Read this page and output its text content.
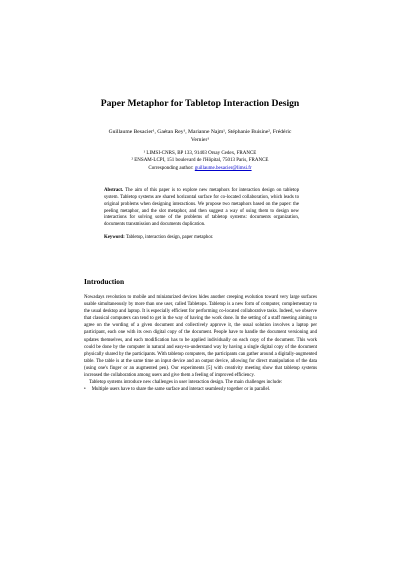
Paper Metaphor for Tabletop Interaction Design
Guillaume Besacier¹, Gaétan Rey¹, Marianne Najm¹, Stéphanie Buisine², Frédéric
Vernier¹
¹ LIMSI-CNRS, BP 133, 91403 Orsay Cedex, FRANCE
² ENSAM-LCPI, 151 boulevard de l'Hôpital, 75013 Paris, FRANCE
Corresponding author: guillaume.besacier@limsi.fr

Abstract. The aim of this paper is to explore new metaphors for interaction design on tabletop system. Tabletop systems are shared horizontal surface for co-located collaboration, which leads to original problems when designing interactions. We propose two metaphors based on the paper: the peeling metaphor, and the slot metaphor, and then suggest a way of using them to design new interactions for solving some of the problems of tabletop systems: documents organization, documents transmission and documents duplication.

Keyword: Tabletop, interaction design, paper metaphor.

Introduction

Nowadays revolution to mobile and miniaturized devices hides another creeping evolution toward very large surfaces usable simultaneously by more than one user, called Tabletops. Tabletop is a new form of computer, complementary to the usual desktop and laptop. It is especially efficient for performing co-located collaborative tasks. Indeed, we observe that classical computers can tend to get in the way of having the work done. In the setting of a staff meeting aiming to agree on the wording of a given document and collectively approve it, the usual solution involves a laptop per participant, each one with its own digital copy of the document. People have to handle the document versioning and updates themselves, and each modification has to be applied individually on each copy of the document. This work could be done by the computer in natural and easy-to-understand way by having a single digital copy of the document physically shared by the participants. With tabletop computers, the participants can gather around a digitally-augmented table. The table is at the same time an input device and an output device, allowing for direct manipulation of the data (using one's finger or an augmented pen). Our experiments [5] with creativity meeting show that tabletop systems increased the collaboration among users and give them a feeling of improved efficiency.

Tabletop systems introduce new challenges in user interaction design. The main challenges include:

• Multiple users have to share the same surface and interact seamlessly together or in parallel.
